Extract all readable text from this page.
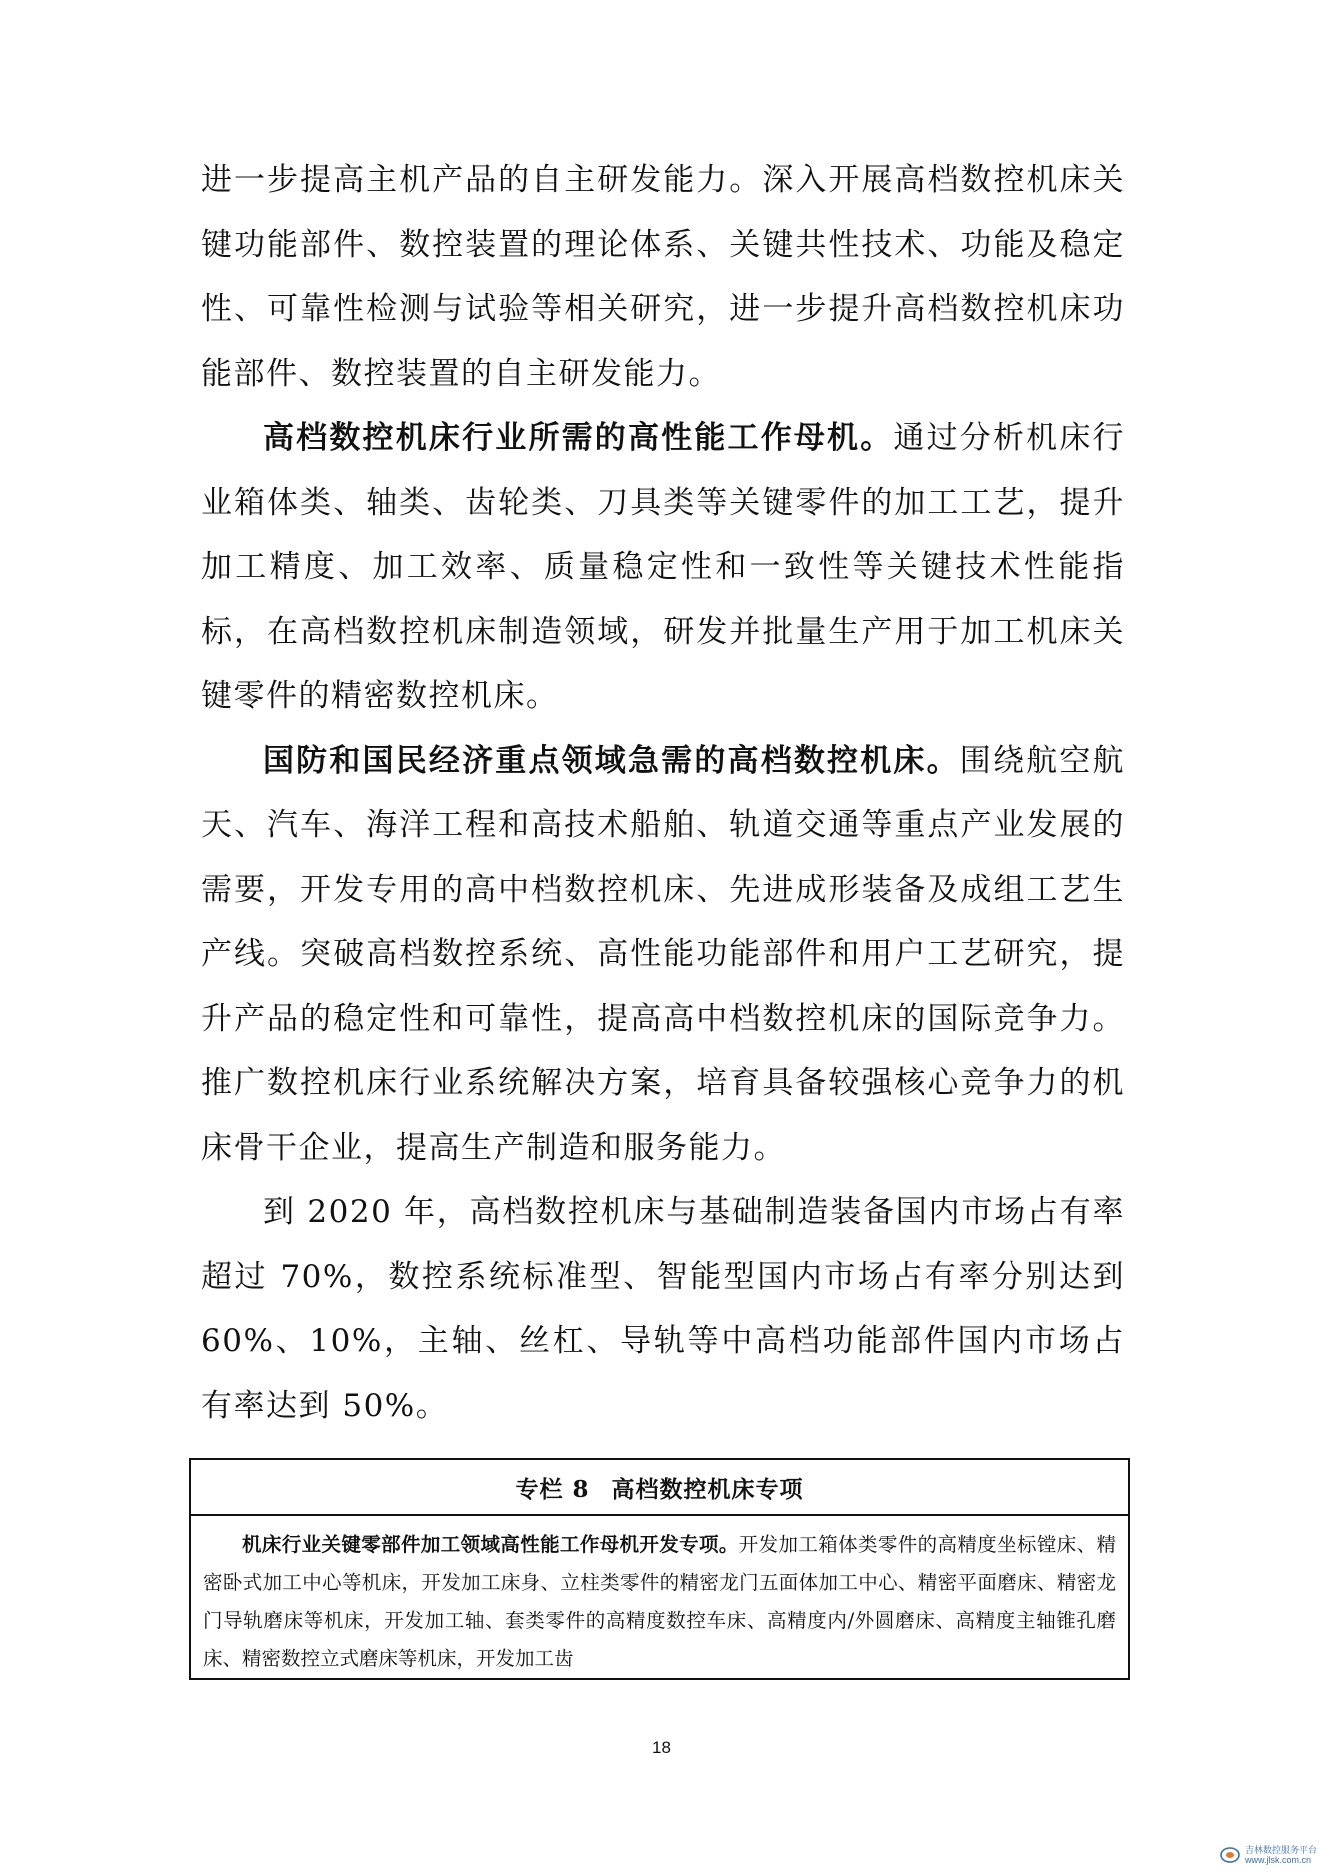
进一步提高主机产品的自主研发能力。深入开展高档数控机床关键功能部件、数控装置的理论体系、关键共性技术、功能及稳定性、可靠性检测与试验等相关研究，进一步提升高档数控机床功能部件、数控装置的自主研发能力。

高档数控机床行业所需的高性能工作母机。通过分析机床行业箱体类、轴类、齿轮类、刀具类等关键零件的加工工艺，提升加工精度、加工效率、质量稳定性和一致性等关键技术性能指标，在高档数控机床制造领域，研发并批量生产用于加工机床关键零件的精密数控机床。

国防和国民经济重点领域急需的高档数控机床。围绕航空航天、汽车、海洋工程和高技术船舶、轨道交通等重点产业发展的需要，开发专用的高中档数控机床、先进成形装备及成组工艺生产线。突破高档数控系统、高性能功能部件和用户工艺研究，提升产品的稳定性和可靠性，提高高中档数控机床的国际竞争力。推广数控机床行业系统解决方案，培育具备较强核心竞争力的机床骨干企业，提高生产制造和服务能力。

到 2020 年，高档数控机床与基础制造装备国内市场占有率超过 70%，数控系统标准型、智能型国内市场占有率分别达到 60%、10%，主轴、丝杠、导轨等中高档功能部件国内市场占有率达到 50%。

专栏 8 高档数控机床专项

机床行业关键零部件加工领域高性能工作母机开发专项。开发加工箱体类零件的高精度坐标镗床、精密卧式加工中心等机床，开发加工床身、立柱类零件的精密龙门五面体加工中心、精密平面磨床、精密龙门导轨磨床等机床，开发加工轴、套类零件的高精度数控车床、高精度内/外圆磨床、高精度主轴锥孔磨床、精密数控立式磨床等机床，开发加工齿

18
吉林数控服务平台
www.jlsk.com.cn
